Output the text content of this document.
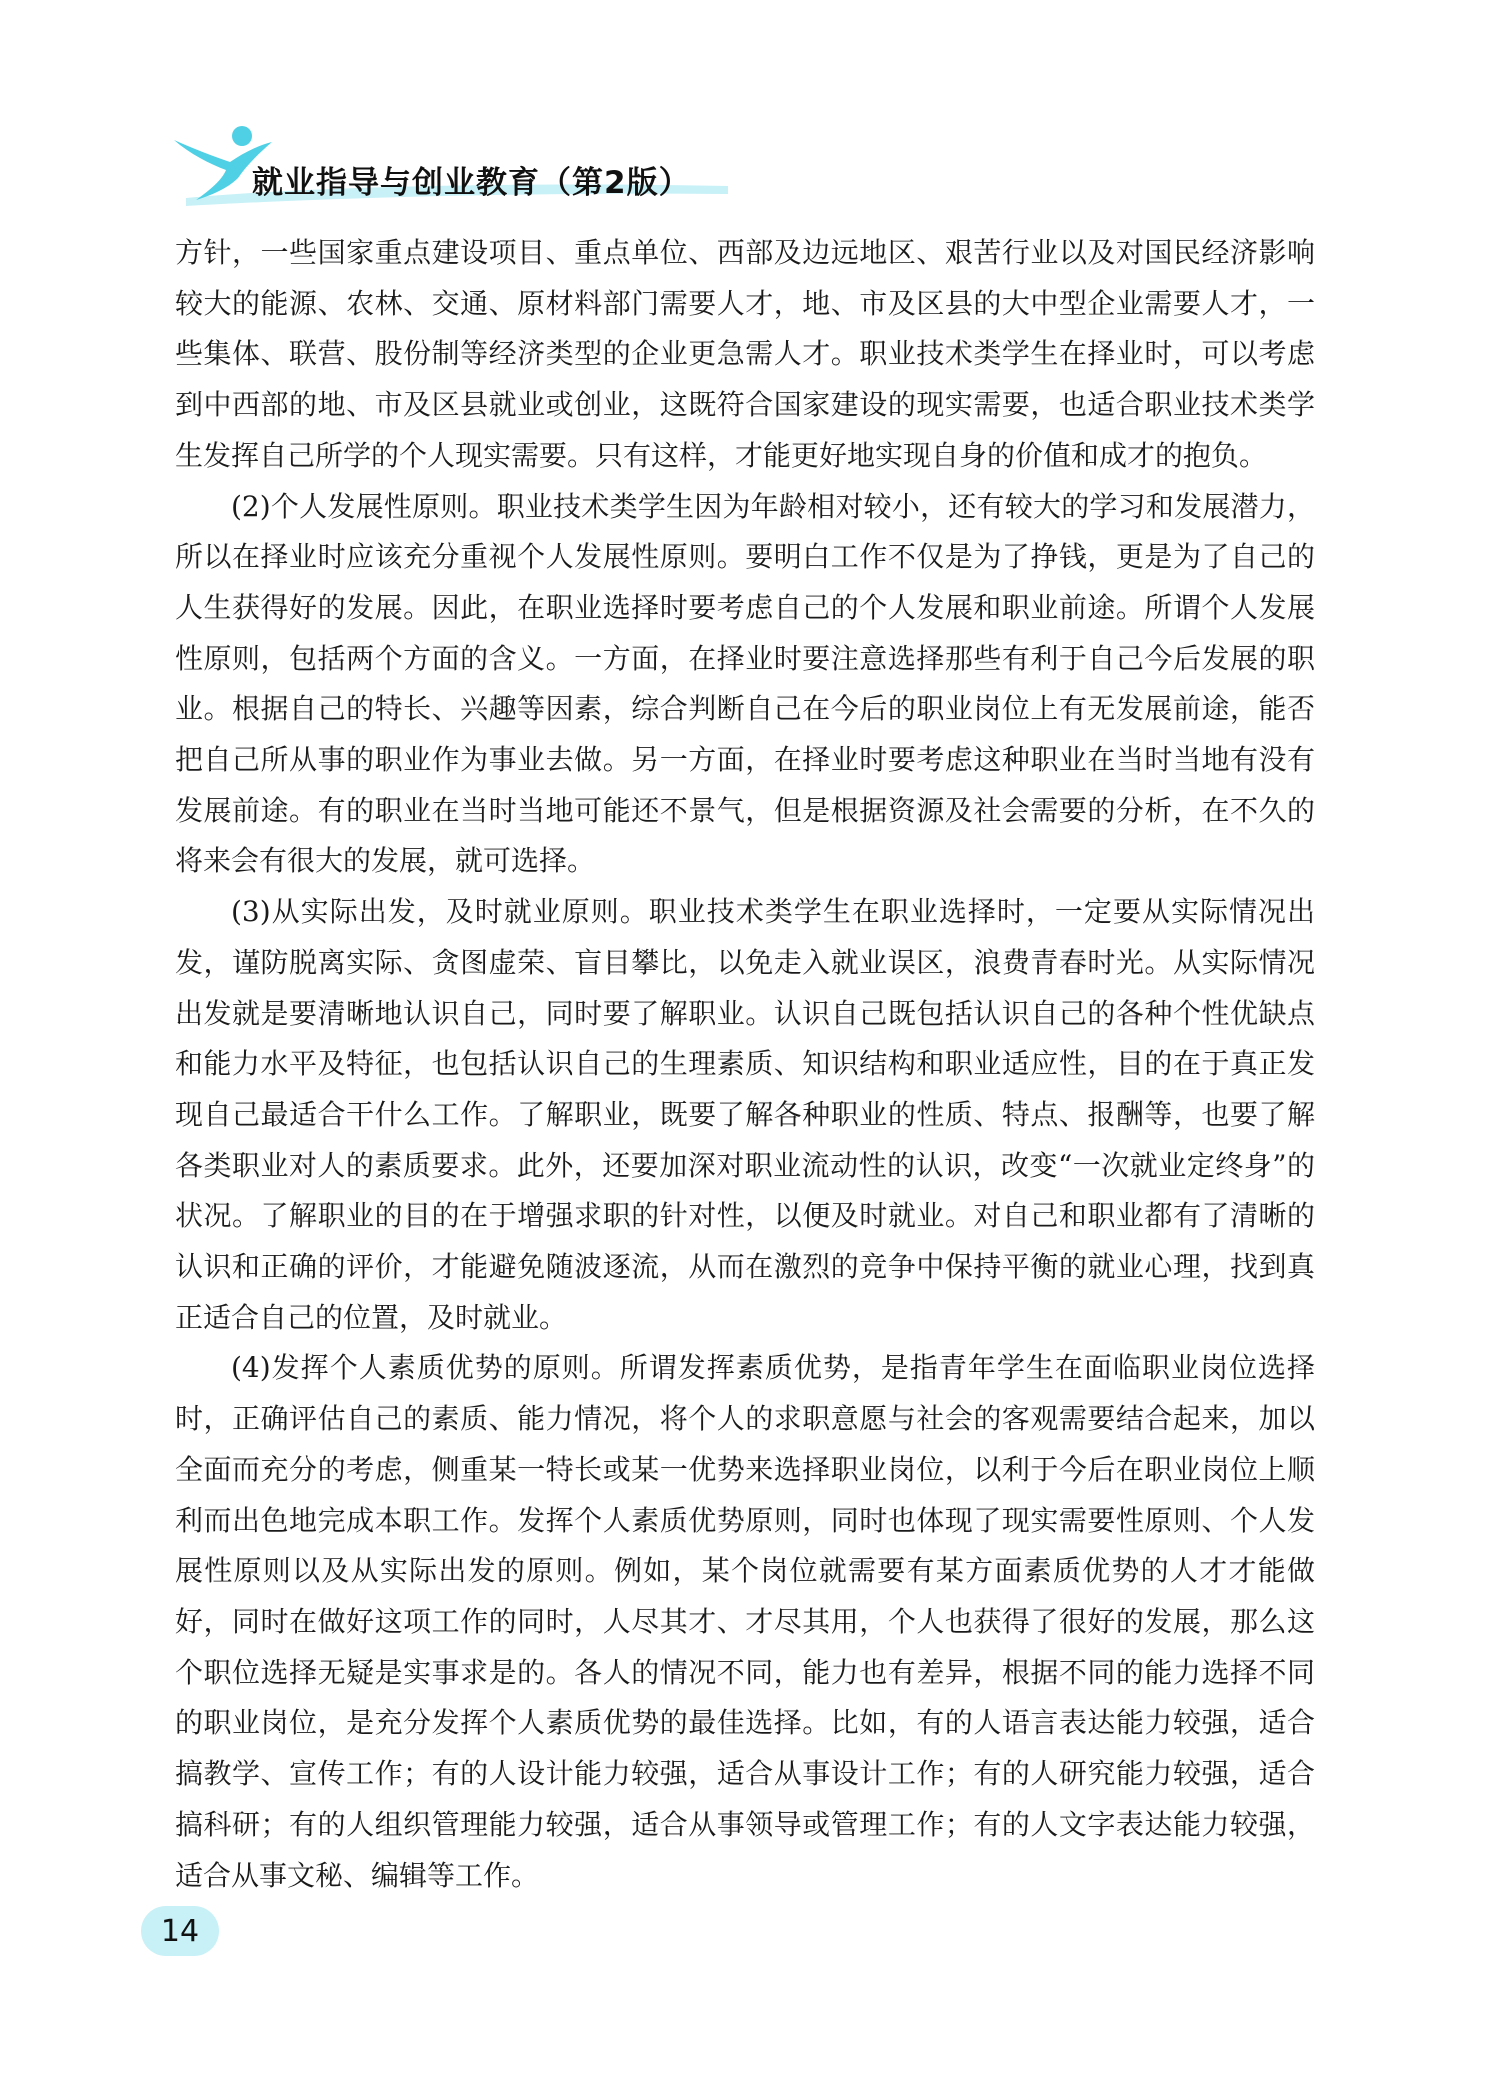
就业指导与创业教育（第2版）

方针，一些国家重点建设项目、重点单位、西部及边远地区、艰苦行业以及对国民经济影响较大的能源、农林、交通、原材料部门需要人才，地、市及区县的大中型企业需要人才，一些集体、联营、股份制等经济类型的企业更急需人才。职业技术类学生在择业时，可以考虑到中西部的地、市及区县就业或创业，这既符合国家建设的现实需要，也适合职业技术类学生发挥自己所学的个人现实需要。只有这样，才能更好地实现自身的价值和成才的抱负。

(2)个人发展性原则。职业技术类学生因为年龄相对较小，还有较大的学习和发展潜力，所以在择业时应该充分重视个人发展性原则。要明白工作不仅是为了挣钱，更是为了自己的人生获得好的发展。因此，在职业选择时要考虑自己的个人发展和职业前途。所谓个人发展性原则，包括两个方面的含义。一方面，在择业时要注意选择那些有利于自己今后发展的职业。根据自己的特长、兴趣等因素，综合判断自己在今后的职业岗位上有无发展前途，能否把自己所从事的职业作为事业去做。另一方面，在择业时要考虑这种职业在当时当地有没有发展前途。有的职业在当时当地可能还不景气，但是根据资源及社会需要的分析，在不久的将来会有很大的发展，就可选择。

(3)从实际出发，及时就业原则。职业技术类学生在职业选择时，一定要从实际情况出发，谨防脱离实际、贪图虚荣、盲目攀比，以免走入就业误区，浪费青春时光。从实际情况出发就是要清晰地认识自己，同时要了解职业。认识自己既包括认识自己的各种个性优缺点和能力水平及特征，也包括认识自己的生理素质、知识结构和职业适应性，目的在于真正发现自己最适合干什么工作。了解职业，既要了解各种职业的性质、特点、报酬等，也要了解各类职业对人的素质要求。此外，还要加深对职业流动性的认识，改变“一次就业定终身”的状况。了解职业的目的在于增强求职的针对性，以便及时就业。对自己和职业都有了清晰的认识和正确的评价，才能避免随波逐流，从而在激烈的竞争中保持平衡的就业心理，找到真正适合自己的位置，及时就业。

(4)发挥个人素质优势的原则。所谓发挥素质优势，是指青年学生在面临职业岗位选择时，正确评估自己的素质、能力情况，将个人的求职意愿与社会的客观需要结合起来，加以全面而充分的考虑，侧重某一特长或某一优势来选择职业岗位，以利于今后在职业岗位上顺利而出色地完成本职工作。发挥个人素质优势原则，同时也体现了现实需要性原则、个人发展性原则以及从实际出发的原则。例如，某个岗位就需要有某方面素质优势的人才才能做好，同时在做好这项工作的同时，人尽其才、才尽其用，个人也获得了很好的发展，那么这个职位选择无疑是实事求是的。各人的情况不同，能力也有差异，根据不同的能力选择不同的职业岗位，是充分发挥个人素质优势的最佳选择。比如，有的人语言表达能力较强，适合搞教学、宣传工作；有的人设计能力较强，适合从事设计工作；有的人研究能力较强，适合搞科研；有的人组织管理能力较强，适合从事领导或管理工作；有的人文字表达能力较强，适合从事文秘、编辑等工作。

14
